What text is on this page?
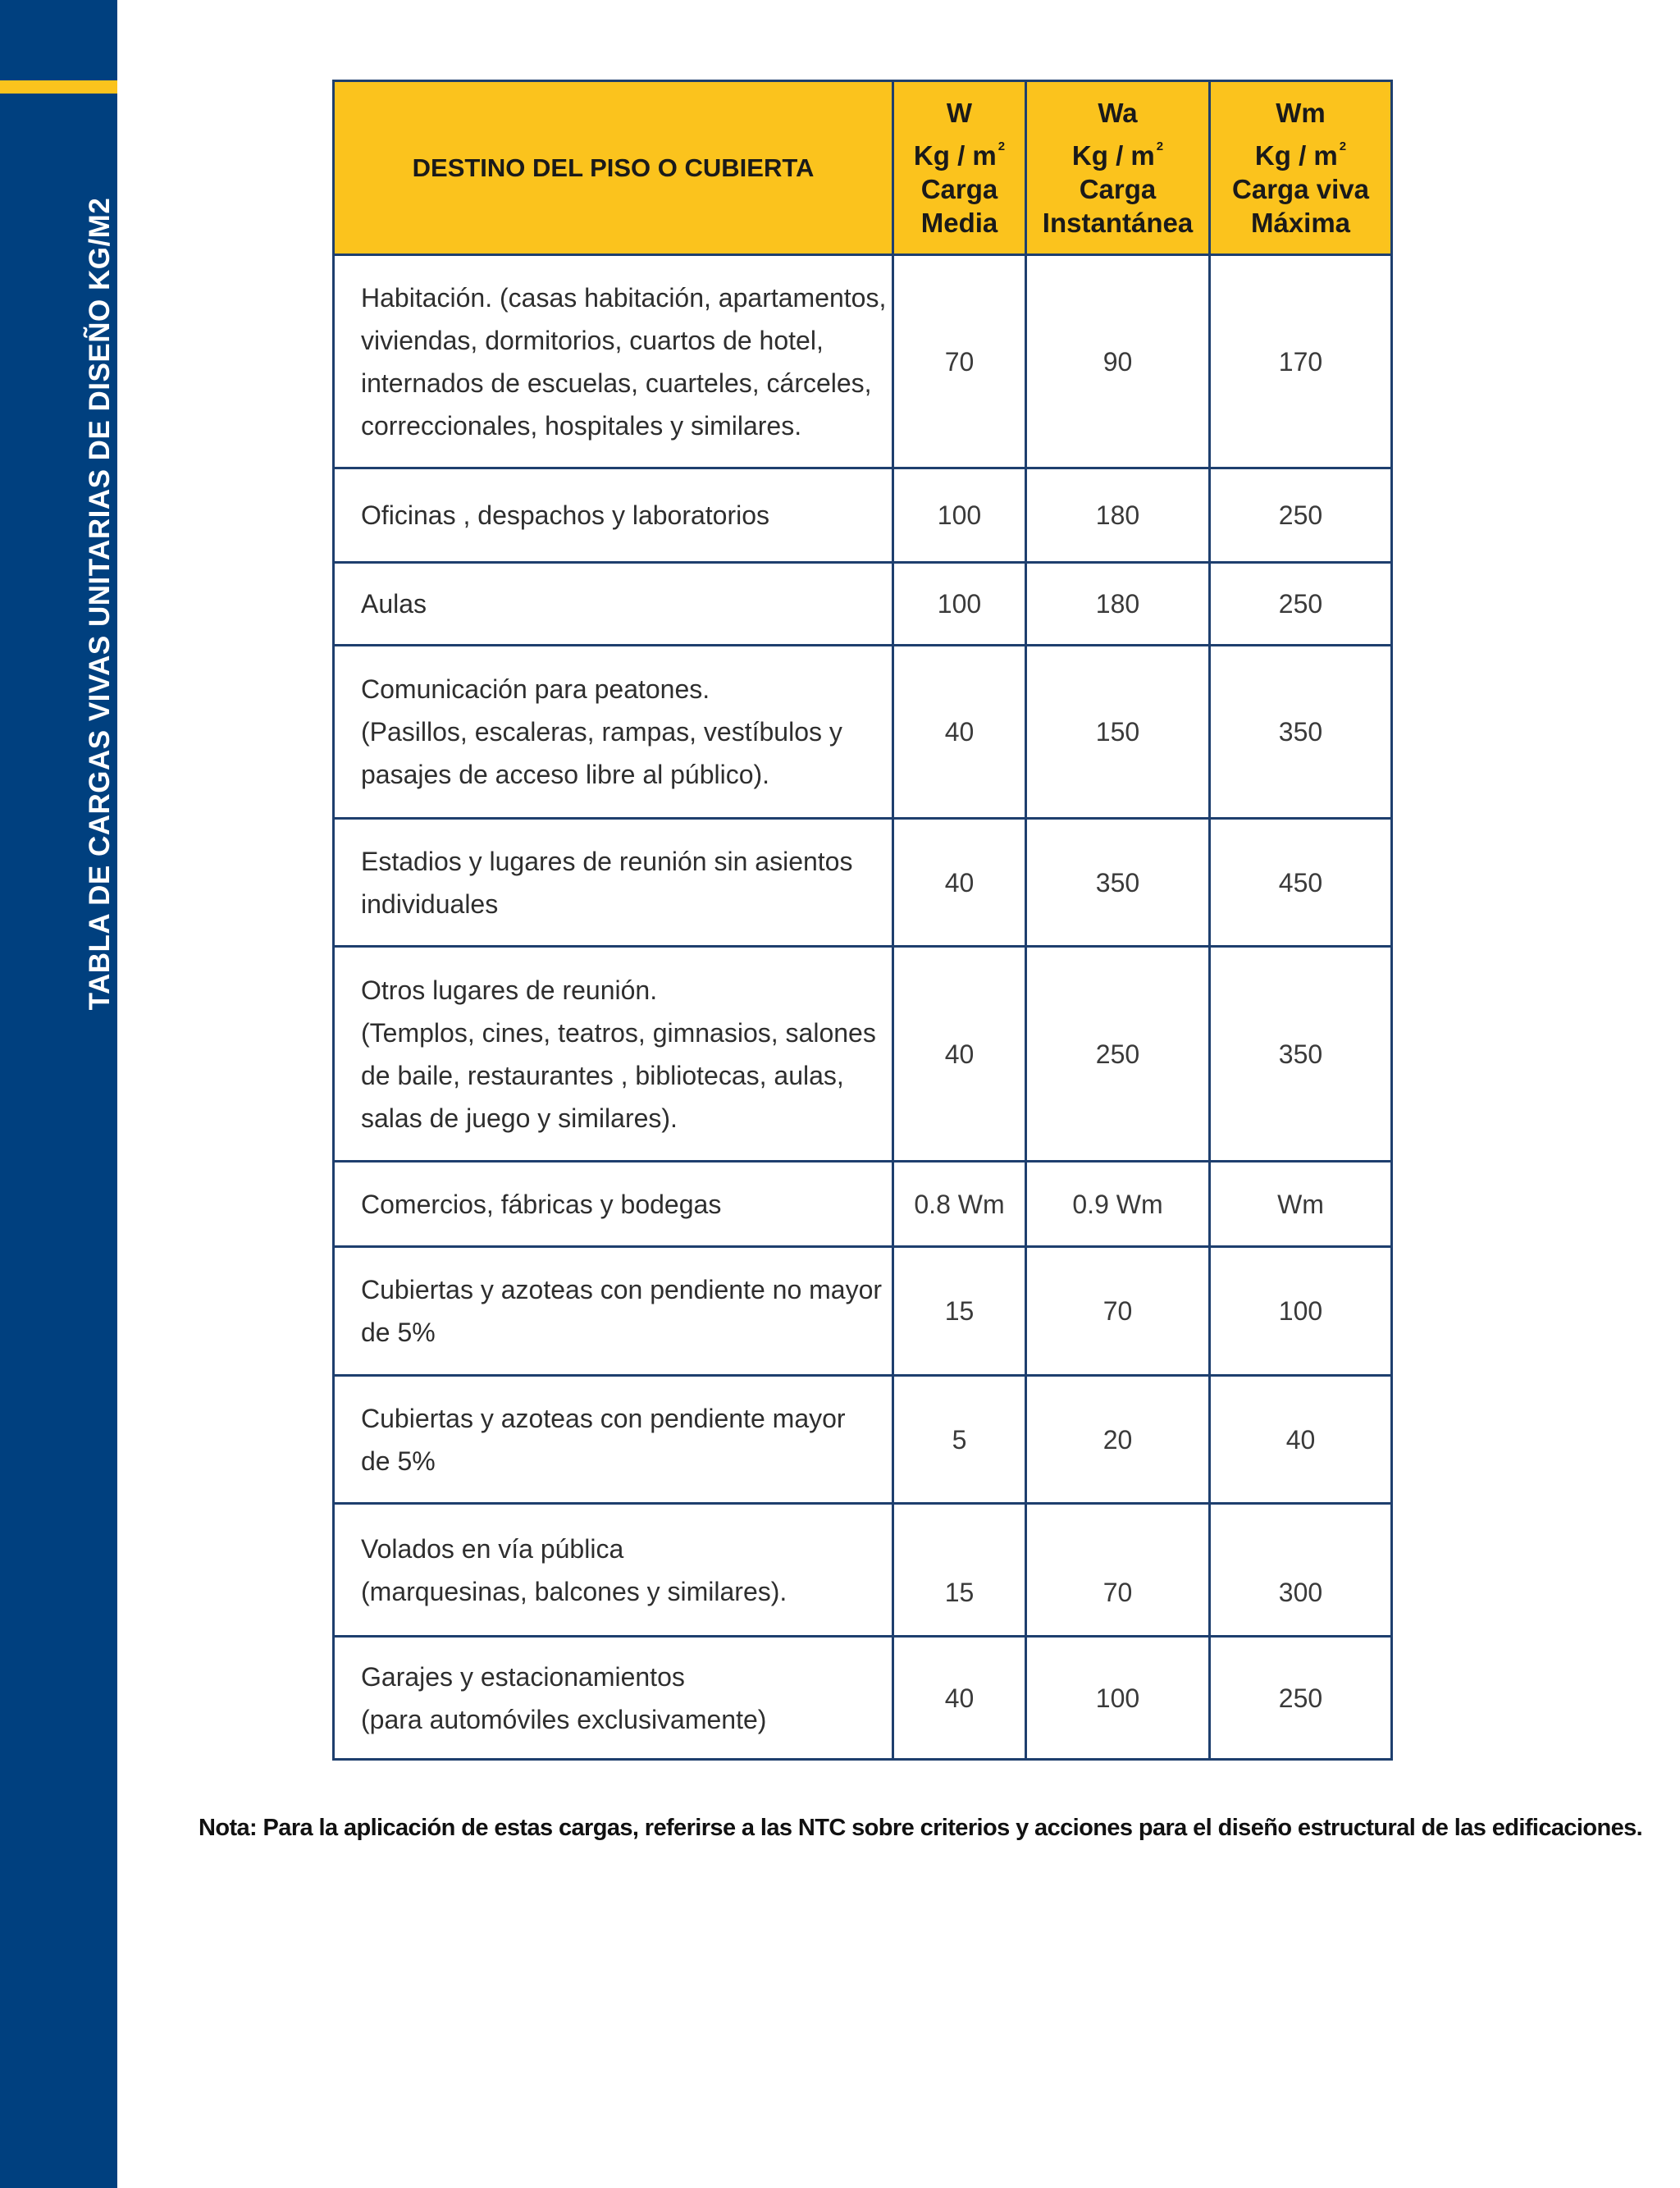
TABLA DE CARGAS VIVAS UNITARIAS DE DISEÑO KG/M2
DESTINO DEL PISO O CUBIERTA	W
Kg / m $^2$
Carga
Media	Wa
Kg / m $^2$
Carga
Instantánea	Wm
Kg / m $^2$
Carga viva
Máxima

Habitación. (casas habitación, apartamentos,
viviendas, dormitorios, cuartos de hotel,
internados de escuelas, cuarteles, cárceles,
correccionales, hospitales y similares.	70	90	170

Oficinas , despachos y laboratorios	100	180	250

Aulas	100	180	250

Comunicación para peatones.
(Pasillos, escaleras, rampas, vestíbulos y
pasajes de acceso libre al público).	40	150	350

Estadios y lugares de reunión sin asientos
individuales	40	350	450

Otros lugares de reunión.
(Templos, cines, teatros, gimnasios, salones
de baile, restaurantes , bibliotecas, aulas,
salas de juego y similares).	40	250	350

Comercios, fábricas y bodegas	0.8 Wm	0.9 Wm	Wm

Cubiertas y azoteas con pendiente no mayor
de 5%	15	70	100

Cubiertas y azoteas con pendiente mayor
de 5%	5	20	40

Volados en vía pública
(marquesinas, balcones y similares).	15	70	300

Garajes y estacionamientos
(para automóviles exclusivamente)	40	100	250
Nota: Para la aplicación de estas cargas, referirse a las NTC sobre criterios y acciones para el diseño estructural de las edificaciones.
